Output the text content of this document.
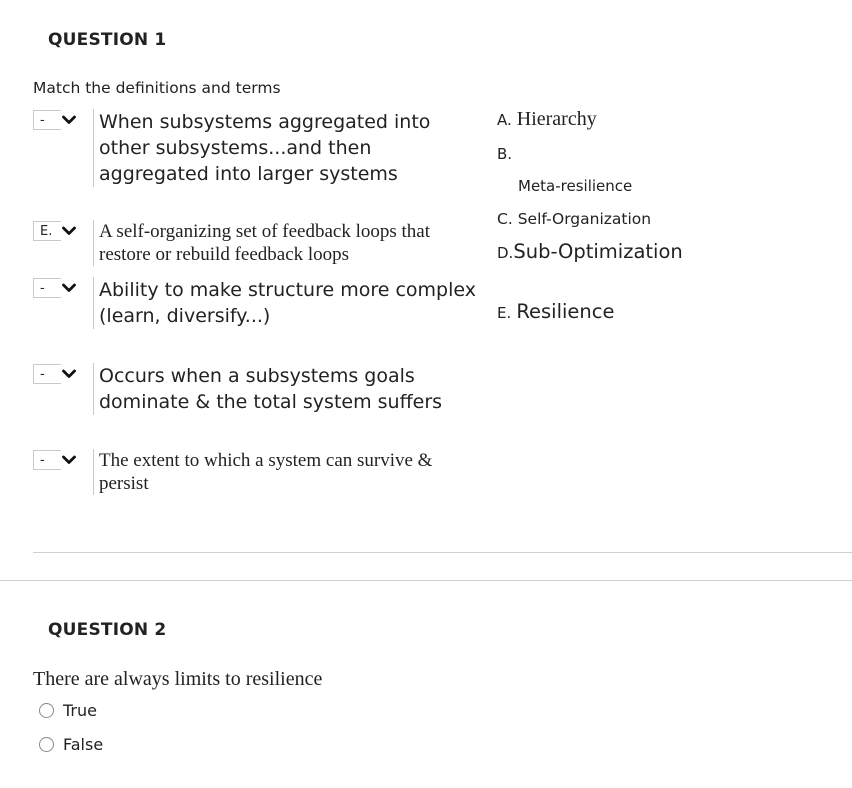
QUESTION 1
Match the definitions and terms
-	When subsystems aggregated into
other subsystems...and then
aggregated into larger systems
E.	A self-organizing set of feedback loops that
restore or rebuild feedback loops
-	Ability to make structure more complex
(learn, diversify...)
-	Occurs when a subsystems goals
dominate & the total system suffers
-	The extent to which a system can survive &
persist
A. Hierarchy
B.
Meta-resilience
C. Self-Organization
D.Sub-Optimization
E. Resilience
QUESTION 2
There are always limits to resilience
True
False
